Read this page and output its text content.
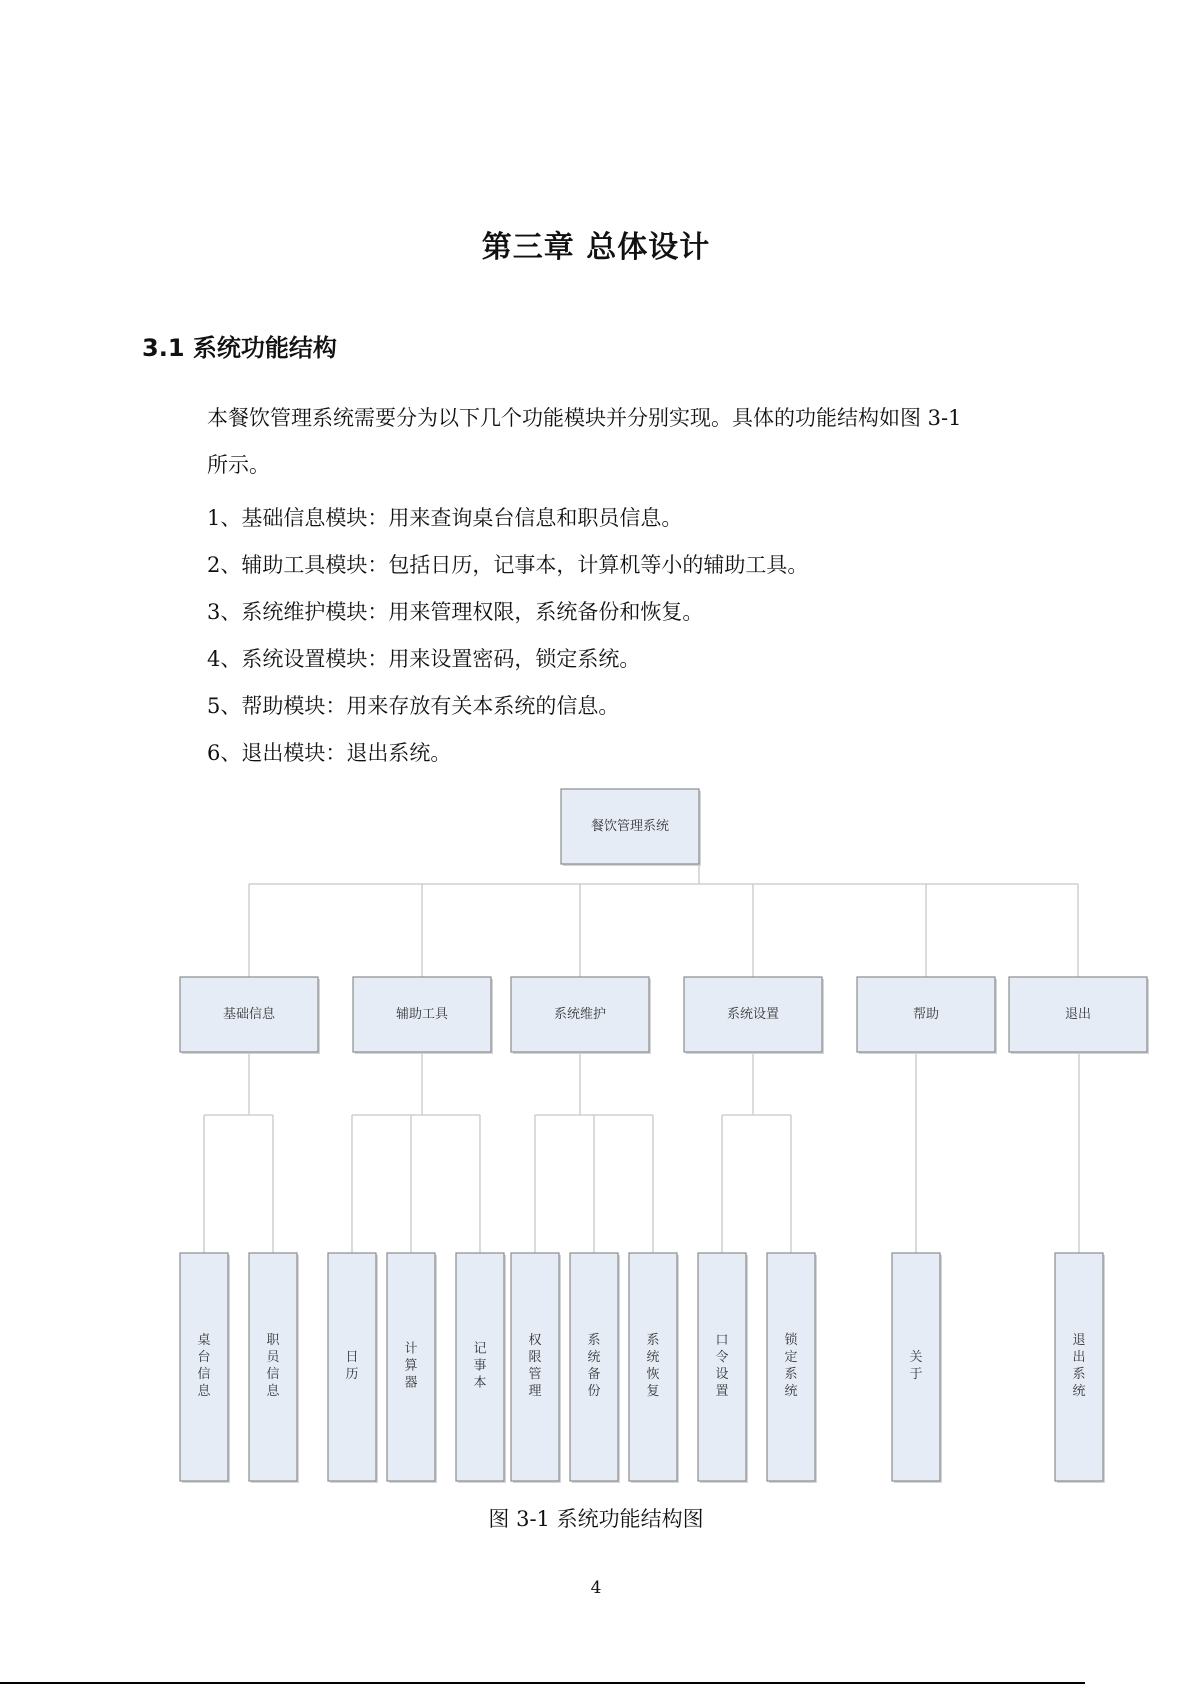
第三章 总体设计
3.1 系统功能结构
本餐饮管理系统需要分为以下几个功能模块并分别实现。具体的功能结构如图 3-1
所示。
1、基础信息模块：用来查询桌台信息和职员信息。
2、辅助工具模块：包括日历，记事本，计算机等小的辅助工具。
3、系统维护模块：用来管理权限，系统备份和恢复。
4、系统设置模块：用来设置密码，锁定系统。
5、帮助模块：用来存放有关本系统的信息。
6、退出模块：退出系统。
餐饮管理系统
基础信息
桌
台
信
息
职
员
信
息
辅助工具
日
历
计
算
器
记
事
本
系统维护
权
限
管
理
系
统
备
份
系
统
恢
复
系统设置
口
令
设
置
锁
定
系
统
帮助
关
于
退出
退
出
系
统
图 3-1 系统功能结构图
4
